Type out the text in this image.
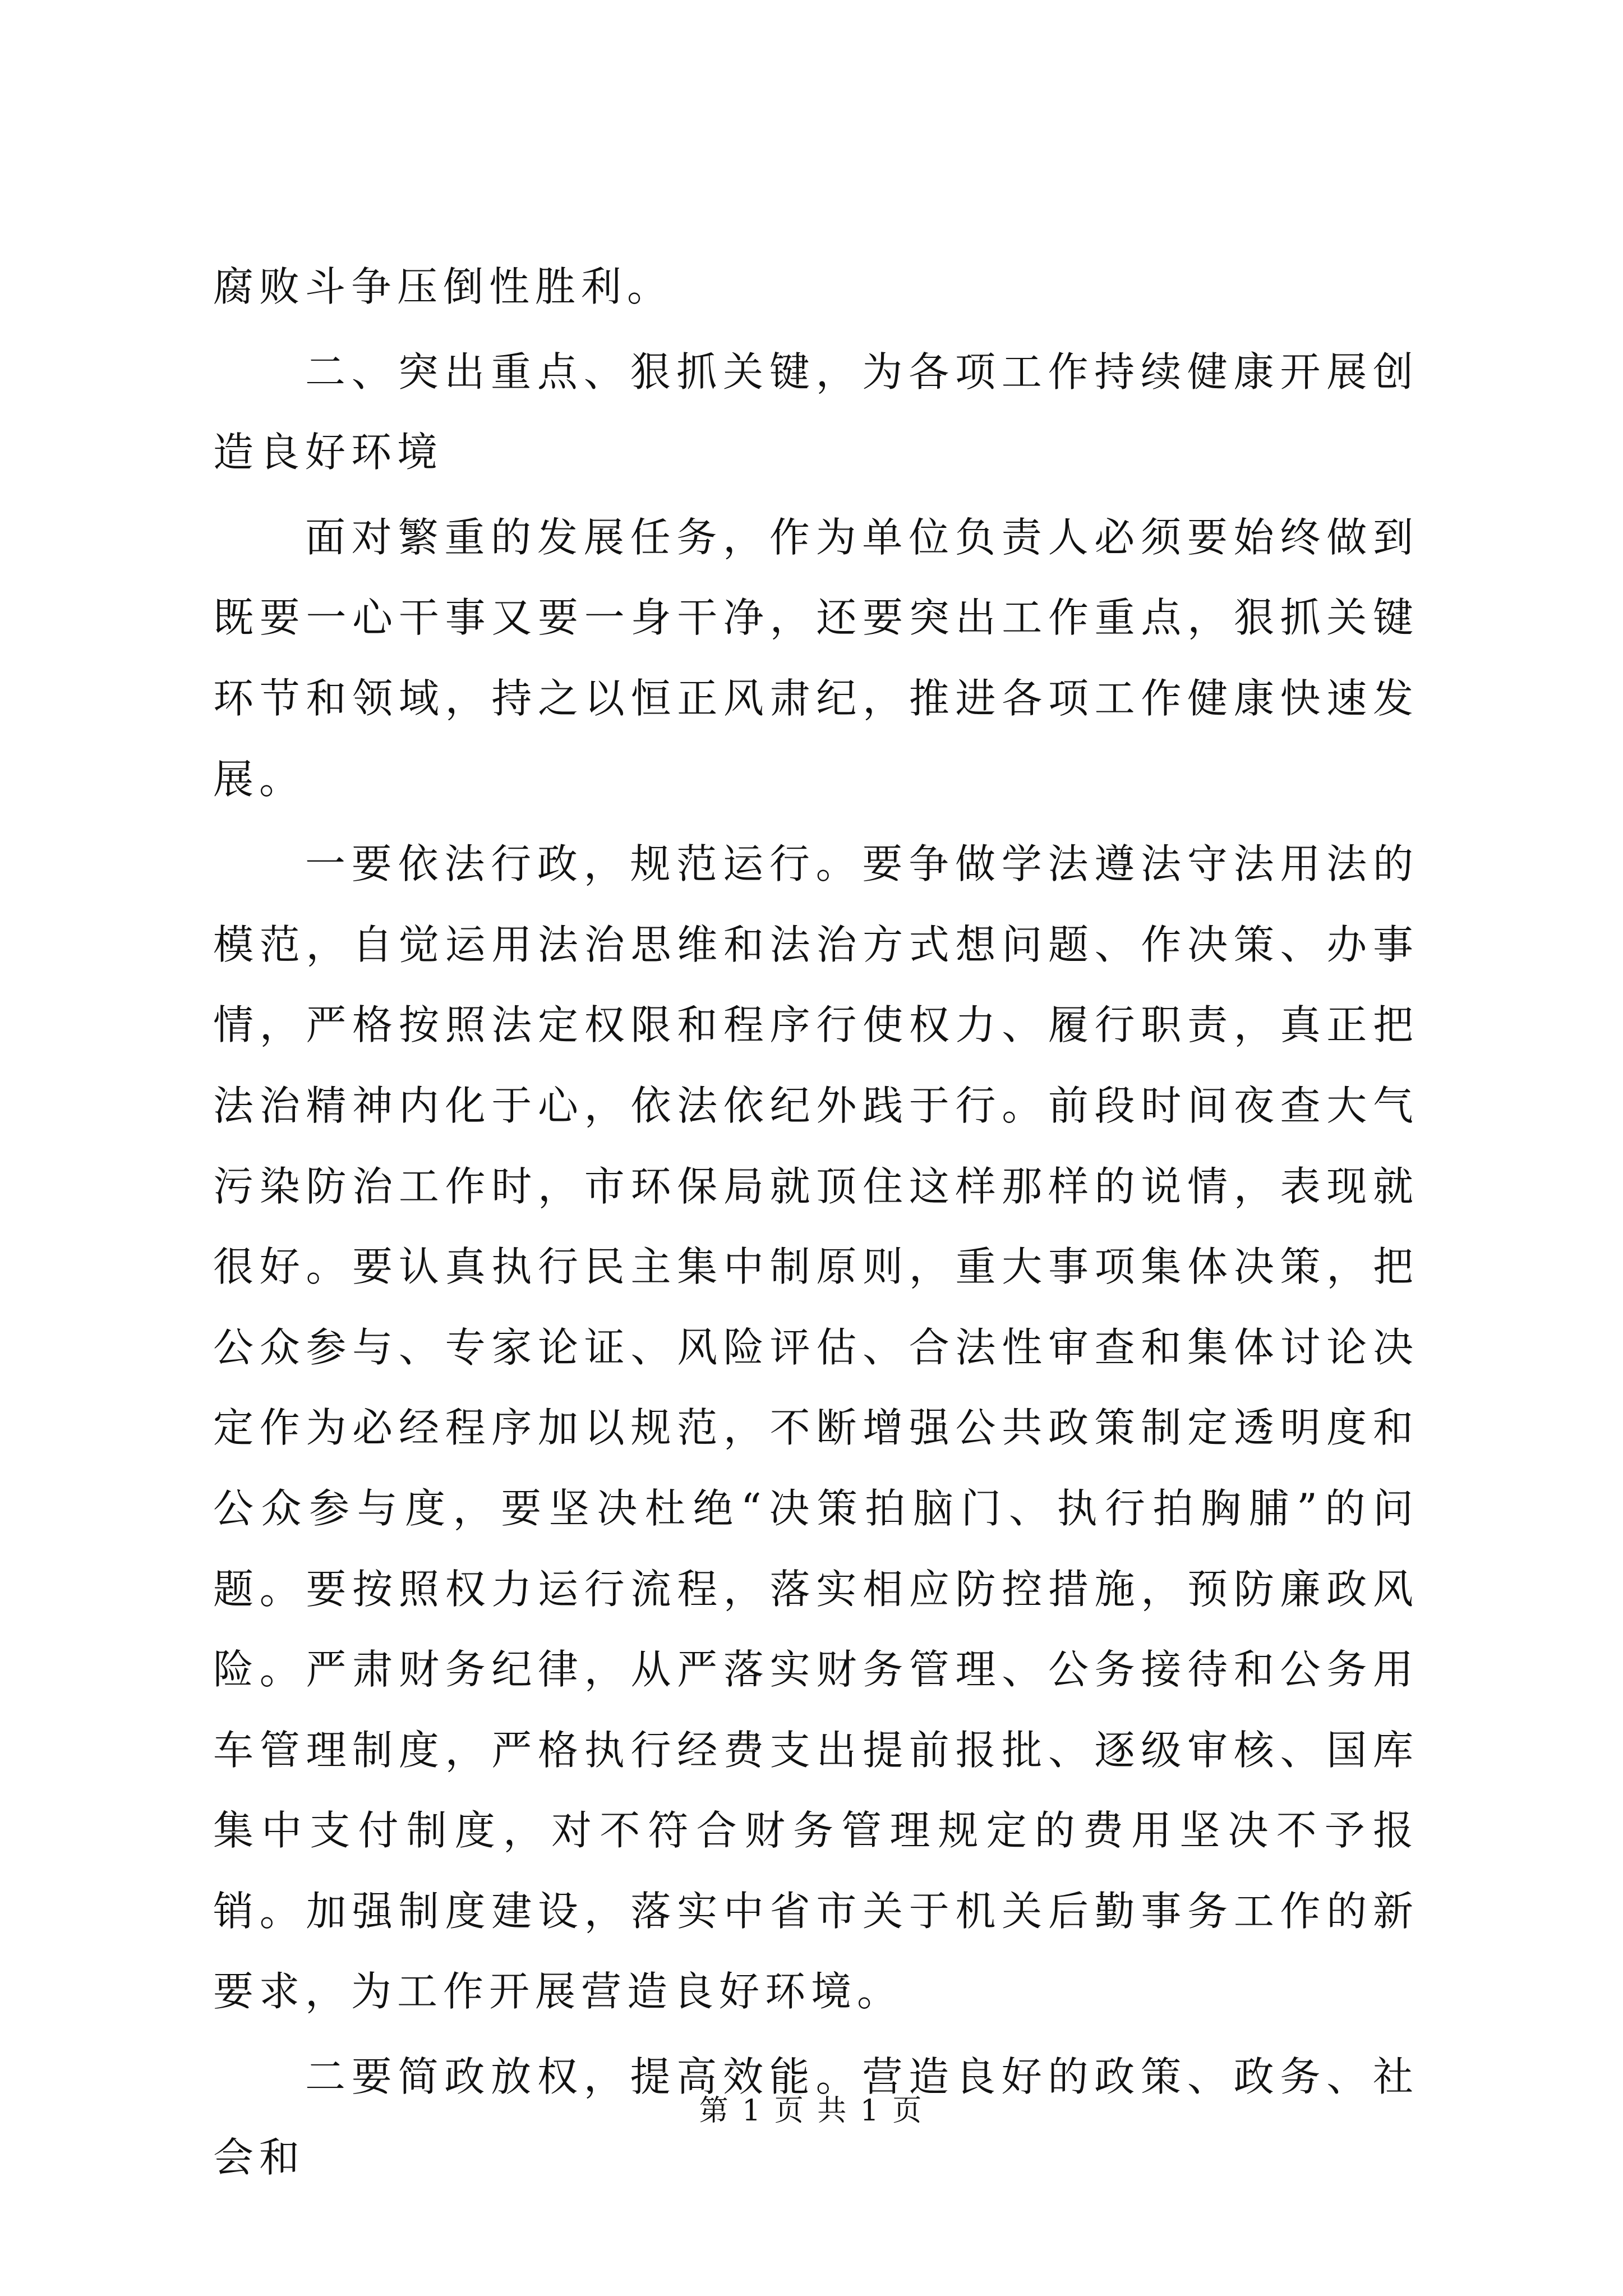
腐败斗争压倒性胜利。

二、突出重点、狠抓关键，为各项工作持续健康开展创造良好环境

面对繁重的发展任务，作为单位负责人必须要始终做到既要一心干事又要一身干净，还要突出工作重点，狠抓关键环节和领域，持之以恒正风肃纪，推进各项工作健康快速发展。

一要依法行政，规范运行。要争做学法遵法守法用法的模范，自觉运用法治思维和法治方式想问题、作决策、办事情，严格按照法定权限和程序行使权力、履行职责，真正把法治精神内化于心，依法依纪外践于行。前段时间夜查大气污染防治工作时，市环保局就顶住这样那样的说情，表现就很好。要认真执行民主集中制原则，重大事项集体决策，把公众参与、专家论证、风险评估、合法性审查和集体讨论决定作为必经程序加以规范，不断增强公共政策制定透明度和公众参与度，要坚决杜绝“决策拍脑门、执行拍胸脯”的问题。要按照权力运行流程，落实相应防控措施，预防廉政风险。严肃财务纪律，从严落实财务管理、公务接待和公务用车管理制度，严格执行经费支出提前报批、逐级审核、国库集中支付制度，对不符合财务管理规定的费用坚决不予报销。加强制度建设，落实中省市关于机关后勤事务工作的新要求，为工作开展营造良好环境。

二要简政放权，提高效能。营造良好的政策、政务、社会和

第 1 页 共 1 页
